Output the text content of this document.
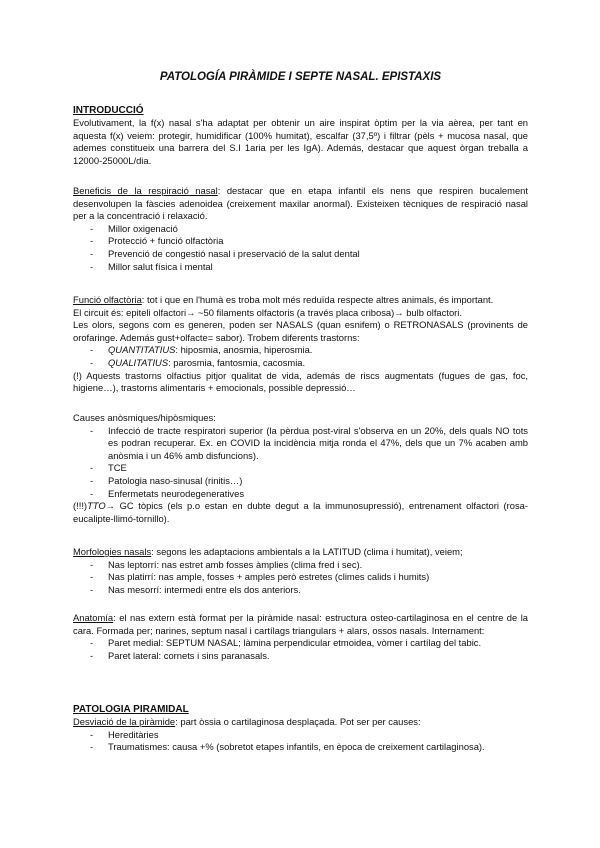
PATOLOGÍA PIRÀMIDE I SEPTE NASAL. EPISTAXIS
INTRODUCCIÓ

Evolutivament, la f(x) nasal s'ha adaptat per obtenir un aire inspirat òptim per la via aèrea, per tant en aquesta f(x) veiem: protegir, humidificar (100% humitat), escalfar (37,5º) i filtrar (pèls + mucosa nasal, que ademes constitueix una barrera del S.I 1aria per les IgA). Además, destacar que aquest òrgan treballa a 12000-25000L/dia.

Beneficis de la respiració nasal: destacar que en etapa infantil els nens que respiren bucalement desenvolupen la fàscies adenoidea (creixement maxilar anormal). Existeixen tècniques de respiració nasal per a la concentració i relaxació.

- Millor oxigenació
- Protecció + funció olfactòria
- Prevenció de congestió nasal i preservació de la salut dental
- Millor salut física i mental

Funció olfactòria: tot i que en l'humà es troba molt més reduïda respecte altres animals, és important.

El circuit és: epiteli olfactori→ ~50 filaments olfactoris (a través placa cribosa)→ bulb olfactori.

Les olors, segons com es generen, poden ser NASALS (quan esnifem) o RETRONASALS (provinents de orofaringe. Además gust+olfacte= sabor). Trobem diferents trastorns:

- QUANTITATIUS: hiposmia, anosmia, hiperosmia.
- QUALITATIUS: parosmia, fantosmia, cacosmia.

(!) Aquests trastorns olfactius pitjor qualitat de vida, además de riscs augmentats (fugues de gas, foc, higiene…), trastorns alimentaris + emocionals, possible depressió…

Causes anòsmiques/hipòsmiques:

- Infecció de tracte respiratori superior (la pèrdua post-viral s'observa en un 20%, dels quals NO tots es podran recuperar. Ex. en COVID la incidència mitja ronda el 47%, dels que un 7% acaben amb anòsmia i un 46% amb disfuncions).
- TCE
- Patologia naso-sinusal (rinitis…)
- Enfermetats neurodegeneratives

(!!!)TTO→ GC tòpics (els p.o estan en dubte degut a la immunosupressió), entrenament olfactori (rosa-eucalipte-llimó-tornillo).

Morfologies nasals: segons les adaptacions ambientals a la LATITUD (clima i humitat), veiem;

- Nas leptorrí: nas estret amb fosses àmplies (clima fred i sec).
- Nas platirrí: nas ample, fosses + amples però estretes (climes calids i humits)
- Nas mesorrí: intermedi entre els dos anteriors.

Anatomía: el nas extern està format per la piràmide nasal: estructura osteo-cartilaginosa en el centre de la cara. Formada per; narines, septum nasal i cartílags triangulars + alars, ossos nasals. Internament:

- Paret medial: SEPTUM NASAL; làmina perpendicular etmoidea, vòmer i cartílag del tabic.
- Paret lateral: cornets i sins paranasals.
PATOLOGIA PIRAMIDAL

Desviació de la piràmide: part òssia o cartilaginosa desplaçada. Pot ser per causes:

- Hereditàries
- Traumatismes: causa +% (sobretot etapes infantils, en època de creixement cartilaginosa).
